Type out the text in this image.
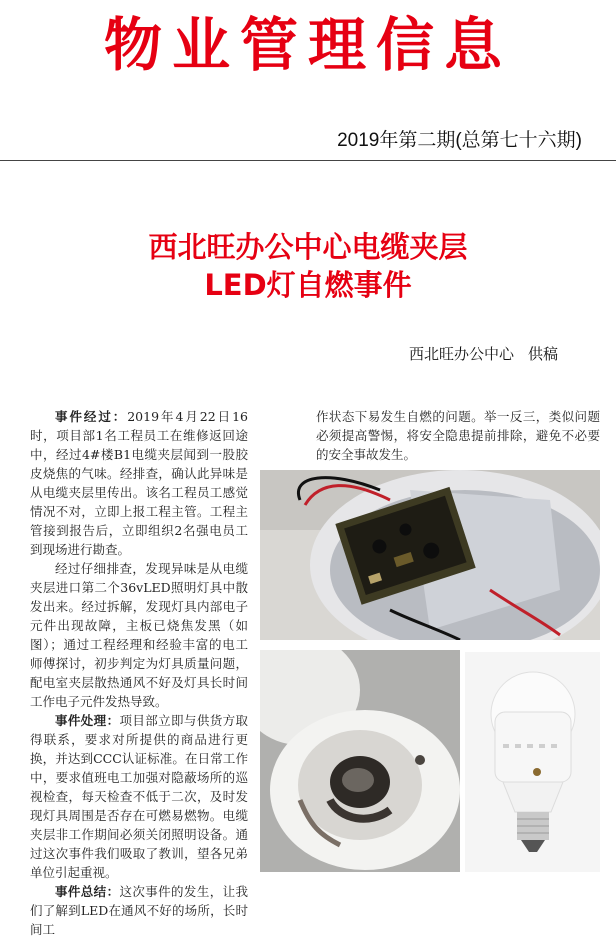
物业管理信息
2019年第二期(总第七十六期)
西北旺办公中心电缆夹层
LED灯自燃事件
西北旺办公中心 供稿

事件经过：2019年4月22日16时，项目部1名工程员工在维修返回途中，经过4#楼B1电缆夹层闻到一股胶皮烧焦的气味。经排查，确认此异味是从电缆夹层里传出。该名工程员工感觉情况不对，立即上报工程主管。工程主管接到报告后，立即组织2名强电员工到现场进行勘查。

经过仔细排查，发现异味是从电缆夹层进口第二个36vLED照明灯具中散发出来。经过拆解，发现灯具内部电子元件出现故障，主板已烧焦发黑（如图）；通过工程经理和经验丰富的电工师傅探讨，初步判定为灯具质量问题，配电室夹层散热通风不好及灯具长时间工作电子元件发热导致。

事件处理：项目部立即与供货方取得联系，要求对所提供的商品进行更换，并达到CCC认证标准。在日常工作中，要求值班电工加强对隐蔽场所的巡视检查，每天检查不低于二次，及时发现灯具周围是否存在可燃易燃物。电缆夹层非工作期间必须关闭照明设备。通过这次事件我们吸取了教训，望各兄弟单位引起重视。

事件总结：这次事件的发生，让我们了解到LED在通风不好的场所，长时间工

作状态下易发生自燃的问题。举一反三，类似问题必须提高警惕，将安全隐患提前排除，避免不必要的安全事故发生。
